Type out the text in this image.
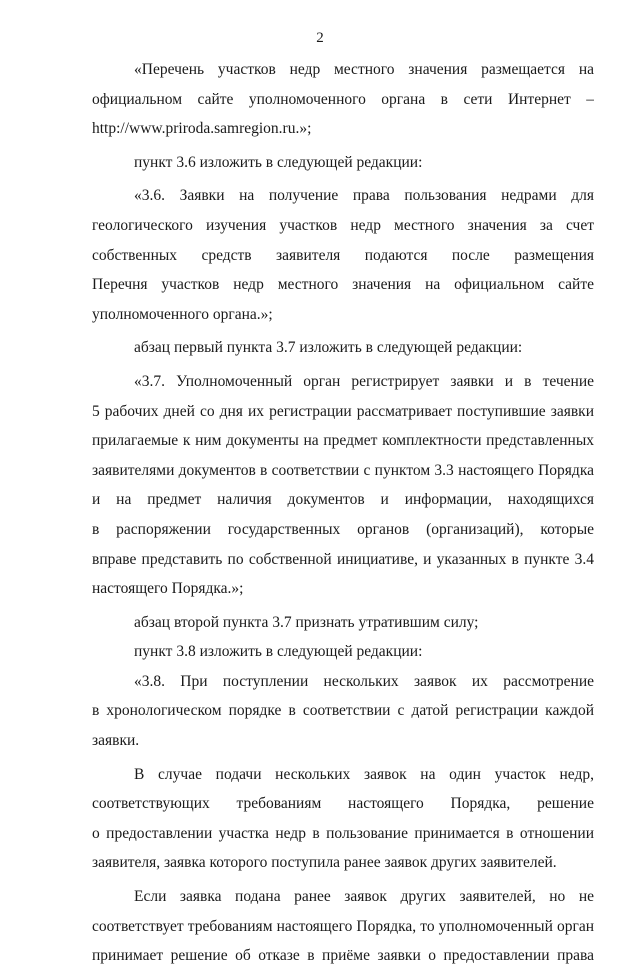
2
«Перечень участков недр местного значения размещается на
официальном сайте уполномоченного органа в сети Интернет –
http://www.priroda.samregion.ru.»;
пункт 3.6 изложить в следующей редакции:
«3.6. Заявки на получение права пользования недрами для
геологического изучения участков недр местного значения за счет
собственных средств заявителя подаются после размещения
Перечня участков недр местного значения на официальном сайте
уполномоченного органа.»;
абзац первый пункта 3.7 изложить в следующей редакции:
«3.7. Уполномоченный орган регистрирует заявки и в течение
5 рабочих дней со дня их регистрации рассматривает поступившие заявки
прилагаемые к ним документы на предмет комплектности представленных
заявителями документов в соответствии с пунктом 3.3 настоящего Порядка
и на предмет наличия документов и информации, находящихся
в распоряжении государственных органов (организаций), которые
вправе представить по собственной инициативе, и указанных в пункте 3.4
настоящего Порядка.»;
абзац второй пункта 3.7 признать утратившим силу;
пункт 3.8 изложить в следующей редакции:
«3.8. При поступлении нескольких заявок их рассмотрение
в хронологическом порядке в соответствии с датой регистрации каждой
заявки.
В случае подачи нескольких заявок на один участок недр,
соответствующих требованиям настоящего Порядка, решение
о предоставлении участка недр в пользование принимается в отношении
заявителя, заявка которого поступила ранее заявок других заявителей.
Если заявка подана ранее заявок других заявителей, но не
соответствует требованиям настоящего Порядка, то уполномоченный орган
принимает решение об отказе в приёме заявки о предоставлении права
